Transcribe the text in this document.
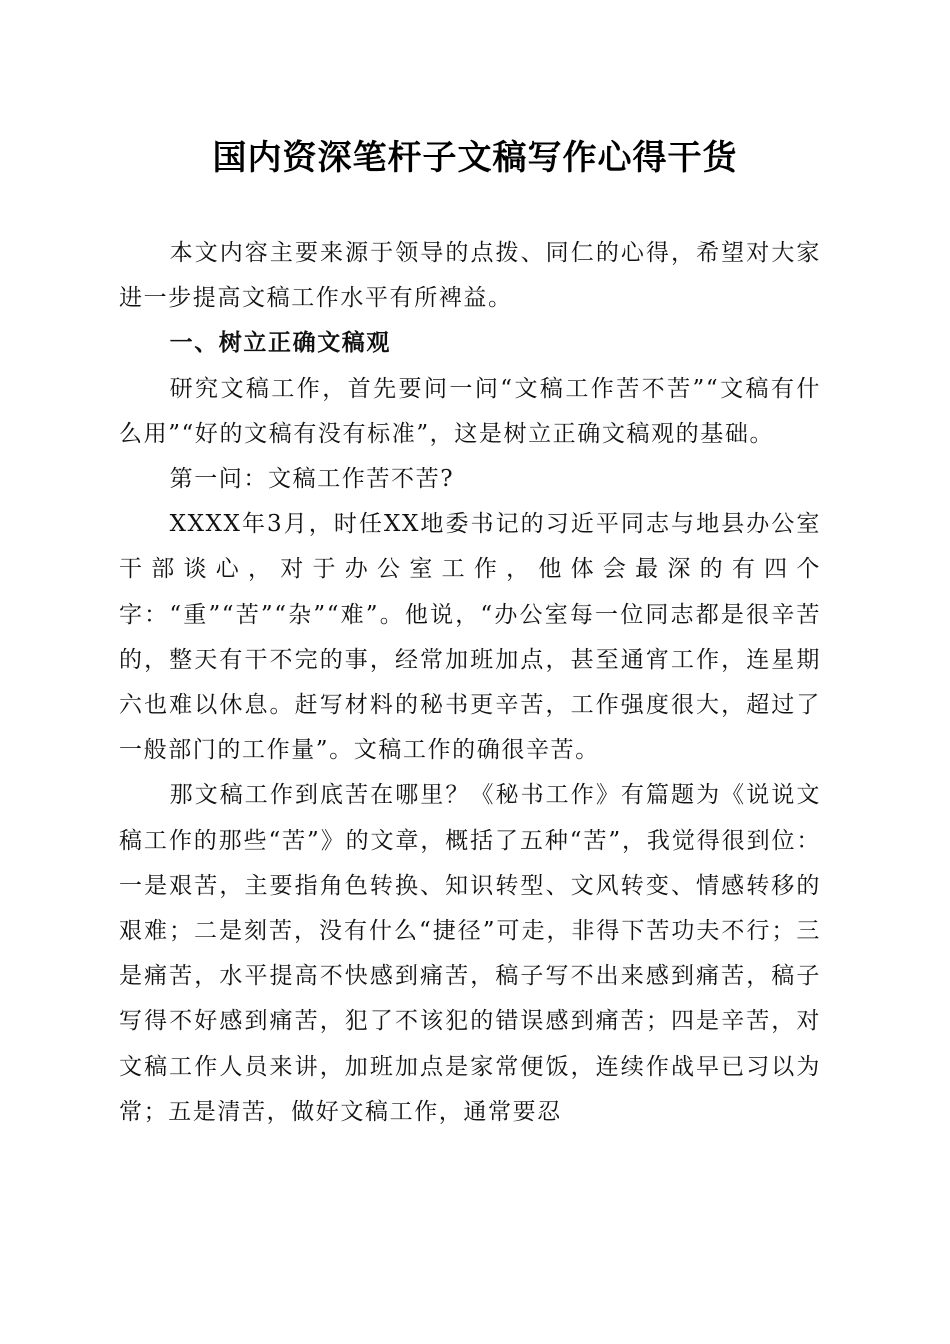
国内资深笔杆子文稿写作心得干货

本文内容主要来源于领导的点拨、同仁的心得，希望对大家进一步提高文稿工作水平有所裨益。

一、树立正确文稿观

研究文稿工作，首先要问一问“文稿工作苦不苦”“文稿有什么用”“好的文稿有没有标准”，这是树立正确文稿观的基础。

第一问：文稿工作苦不苦?

XXXX年3月，时任XX地委书记的习近平同志与地县办公室干部谈心，对于办公室工作，他体会最深的有四个字：“重”“苦”“杂”“难”。他说，“办公室每一位同志都是很辛苦的，整天有干不完的事，经常加班加点，甚至通宵工作，连星期六也难以休息。赶写材料的秘书更辛苦，工作强度很大，超过了一般部门的工作量”。文稿工作的确很辛苦。

那文稿工作到底苦在哪里？《秘书工作》有篇题为《说说文稿工作的那些“苦”》的文章，概括了五种“苦”，我觉得很到位：一是艰苦，主要指角色转换、知识转型、文风转变、情感转移的艰难；二是刻苦，没有什么“捷径”可走，非得下苦功夫不行；三是痛苦，水平提高不快感到痛苦，稿子写不出来感到痛苦，稿子写得不好感到痛苦，犯了不该犯的错误感到痛苦；四是辛苦，对文稿工作人员来讲，加班加点是家常便饭，连续作战早已习以为常；五是清苦，做好文稿工作，通常要忍
